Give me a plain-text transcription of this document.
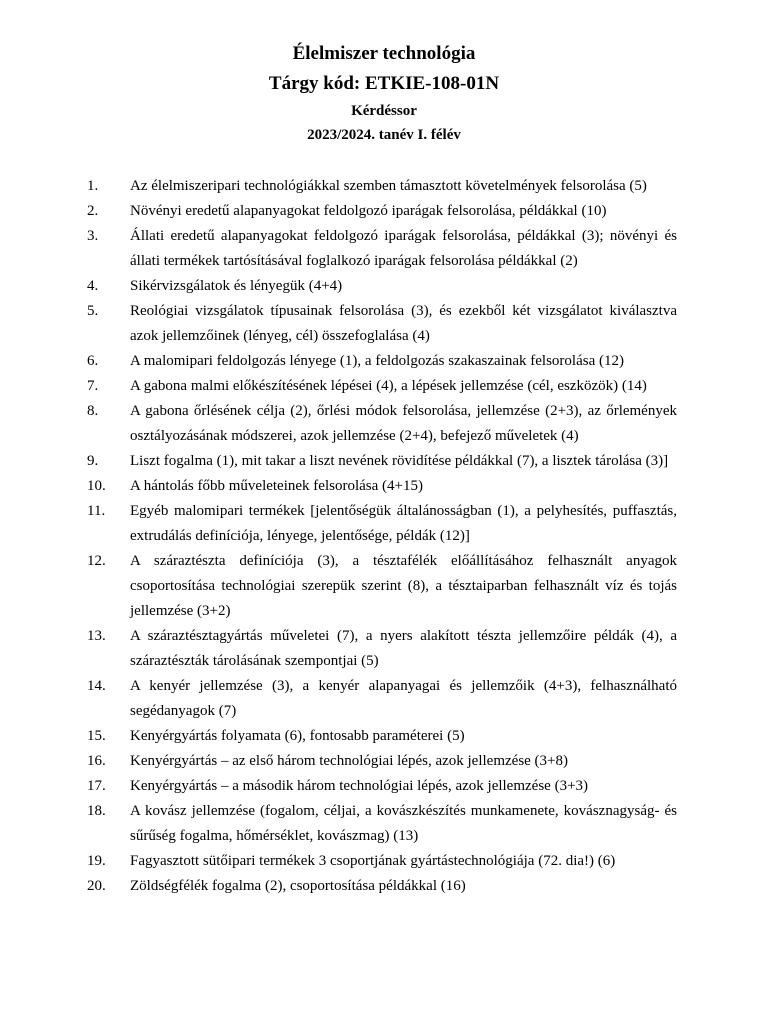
Élelmiszer technológia
Tárgy kód: ETKIE-108-01N
Kérdéssor
2023/2024. tanév I. félév
1.	Az élelmiszeripari technológiákkal szemben támasztott követelmények felsorolása (5)
2.	Növényi eredetű alapanyagokat feldolgozó iparágak felsorolása, példákkal (10)
3.	Állati eredetű alapanyagokat feldolgozó iparágak felsorolása, példákkal (3); növényi és állati termékek tartósításával foglalkozó iparágak felsorolása példákkal (2)
4.	Sikérvizsgálatok és lényegük (4+4)
5.	Reológiai vizsgálatok típusainak felsorolása (3), és ezekből két vizsgálatot kiválasztva azok jellemzőinek (lényeg, cél) összefoglalása (4)
6.	A malomipari feldolgozás lényege (1), a feldolgozás szakaszainak felsorolása (12)
7.	A gabona malmi előkészítésének lépései (4), a lépések jellemzése (cél, eszközök) (14)
8.	A gabona őrlésének célja (2), őrlési módok felsorolása, jellemzése (2+3), az őrlemények osztályozásának módszerei, azok jellemzése (2+4), befejező műveletek (4)
9.	Liszt fogalma (1), mit takar a liszt nevének rövidítése példákkal (7), a lisztek tárolása (3)]
10.	A hántolás főbb műveleteinek felsorolása (4+15)
11.	Egyéb malomipari termékek [jelentőségük általánosságban (1), a pelyhesítés, puffasztás, extrudálás definíciója, lényege, jelentősége, példák (12)]
12.	A száraztészta definíciója (3), a tésztafélék előállításához felhasznált anyagok csoportosítása technológiai szerepük szerint (8), a tésztaiparban felhasznált víz és tojás jellemzése (3+2)
13.	A száraztésztagyártás műveletei (7), a nyers alakított tészta jellemzőire példák (4), a száraztészták tárolásának szempontjai (5)
14.	A kenyér jellemzése (3), a kenyér alapanyagai és jellemzőik (4+3), felhasználható segédanyagok (7)
15.	Kenyérgyártás folyamata (6), fontosabb paraméterei (5)
16.	Kenyérgyártás – az első három technológiai lépés, azok jellemzése (3+8)
17.	Kenyérgyártás – a második három technológiai lépés, azok jellemzése (3+3)
18.	A kovász jellemzése (fogalom, céljai, a kovászkészítés munkamenete, kovásznagyság- és sűrűség fogalma, hőmérséklet, kovászmag) (13)
19.	Fagyasztott sütőipari termékek 3 csoportjának gyártástechnológiája (72. dia!) (6)
20.	Zöldségfélék fogalma (2), csoportosítása példákkal (16)
